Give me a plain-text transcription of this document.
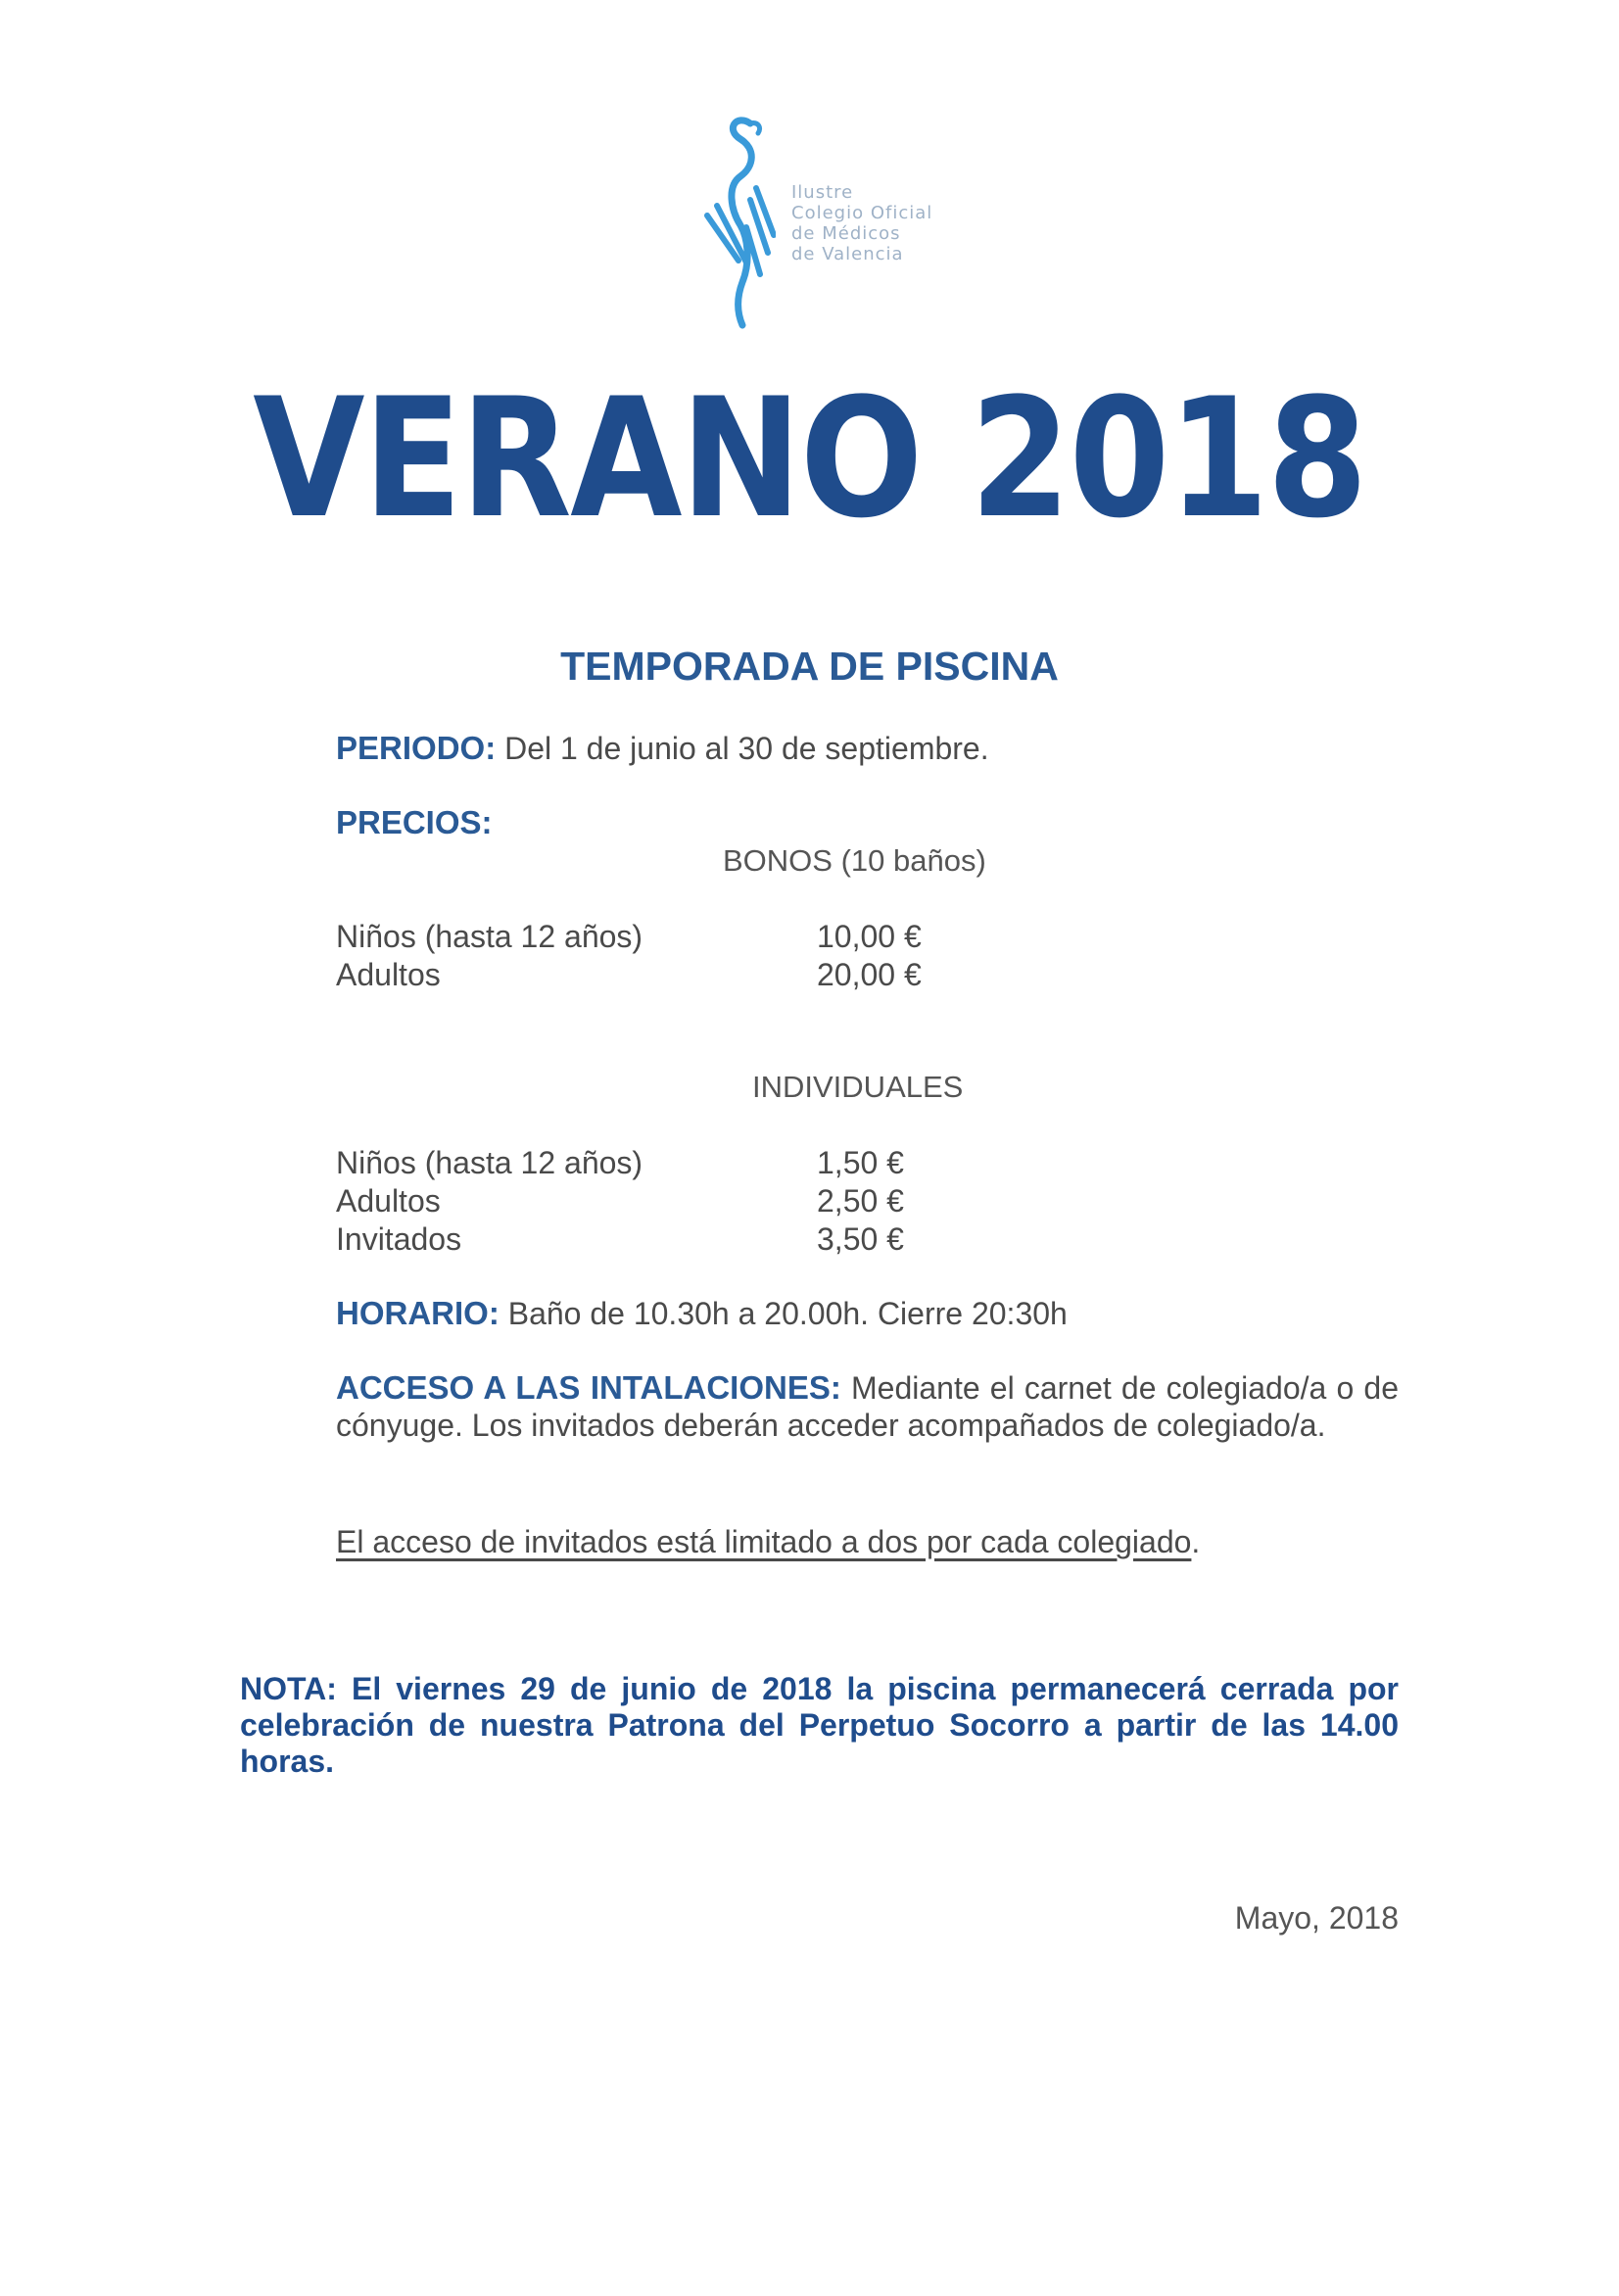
Ilustre
Colegio Oficial
de Médicos
de Valencia
VERANO 2018
TEMPORADA DE PISCINA
PERIODO: Del 1 de junio al 30 de septiembre.
PRECIOS:
BONOS (10 baños)
Niños (hasta 12 años)	10,00 €
Adultos	20,00 €
INDIVIDUALES
Niños (hasta 12 años)	1,50 €
Adultos	2,50 €
Invitados	3,50 €
HORARIO: Baño de 10.30h a 20.00h. Cierre 20:30h
ACCESO A LAS INTALACIONES: Mediante el carnet de colegiado/a o de cónyuge. Los invitados deberán acceder acompañados de colegiado/a.
El acceso de invitados está limitado a dos por cada colegiado.
NOTA: El viernes 29 de junio de 2018 la piscina permanecerá cerrada por celebración de nuestra Patrona del Perpetuo Socorro a partir de las 14.00 horas.
Mayo, 2018
